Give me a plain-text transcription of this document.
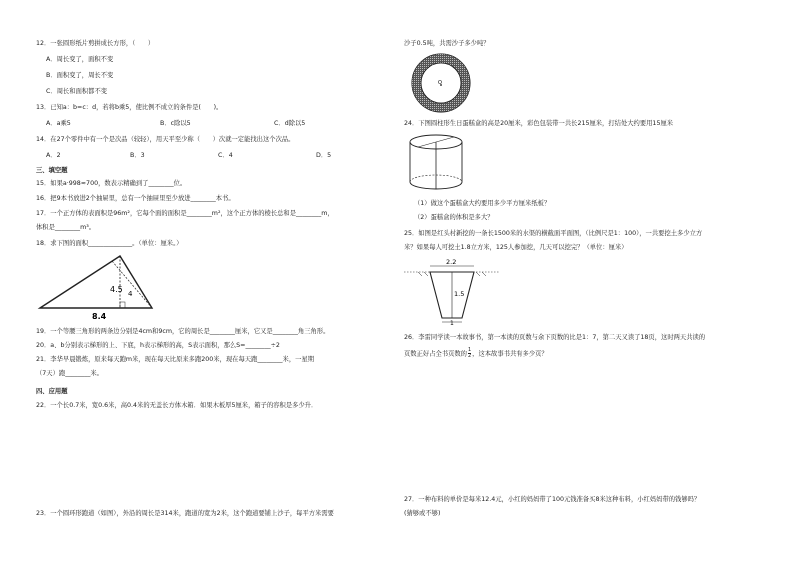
12．一张圆形纸片剪拼成长方形，（　　）
A．周长变了，面积不变
B．面积变了，周长不变
C．周长和面积都不变
13．已知a：b=c：d，若将b乘5，使比例不成立的条件是(　　)。
A．a乘5	B．c除以5	C．d除以5
14．在27个零件中有一个是次品（较轻），用天平至少称（　　）次就一定能找出这个次品。
A．2	B．3	C．4	D．5
三、填空题
15．如果a·998≈700，数表示精确到了________位。
16．把9本书放进2个抽屉里，总有一个抽屉里至少放进________本书。
17．一个正方体的表面积是96m²，它每个面的面积是________m²，这个正方体的棱长总和是________m，
体积是________m³。
18．求下图的面积______________。（单位：厘米。）
4.5 4
8.4
19．一个等腰三角形的两条边分别是4cm和9cm，它的周长是________厘米，它又是________角三角形。
20．a、b分别表示梯形的上、下底，h表示梯形的高，S表示面积，那么S=________÷2
21．李华早晨锻炼，原来每天跑m米，现在每天比原来多跑200米，现在每天跑________米，一星期
（7天）跑________米。
四、应用题
22．一个长0.7米，宽0.6米，高0.4米的无盖长方体木箱．如果木板厚5厘米，箱子的容积是多少升．
23．一个圆环形跑道（如图），外沿的周长是314米，跑道的宽为2米，这个跑道要铺上沙子，每平方米需要
沙子0.5吨，共需沙子多少吨？
O
24．下图圆柱形生日蛋糕盒的高是20厘米，彩色包装带一共长215厘米，打结处大约要用15厘米
（1）做这个蛋糕盒大约要用多少平方厘米纸板？
（2）蛋糕盒的体积是多大？
25．如图是红头村新挖的一条长1500米的水渠的横截面平面图，（比例尺是1：100），一共要挖土多少立方
米？如果每人可挖土1.8立方米，125人参加挖，几天可以挖完？（单位：厘米）
2.2
1.5
1
26．李雷同学读一本故事书，第一本读的页数与余下页数的比是1：7，第二天又读了18页，这时两天共读的
页数正好占全书页数的 $\frac{1}{2}$ ，这本故事书共有多少页？
27．一种布料的单价是每米12.4元，小红的妈妈带了100元钱准备买8米这种布料，小红妈妈带的钱够吗？
(猜够或不够)
